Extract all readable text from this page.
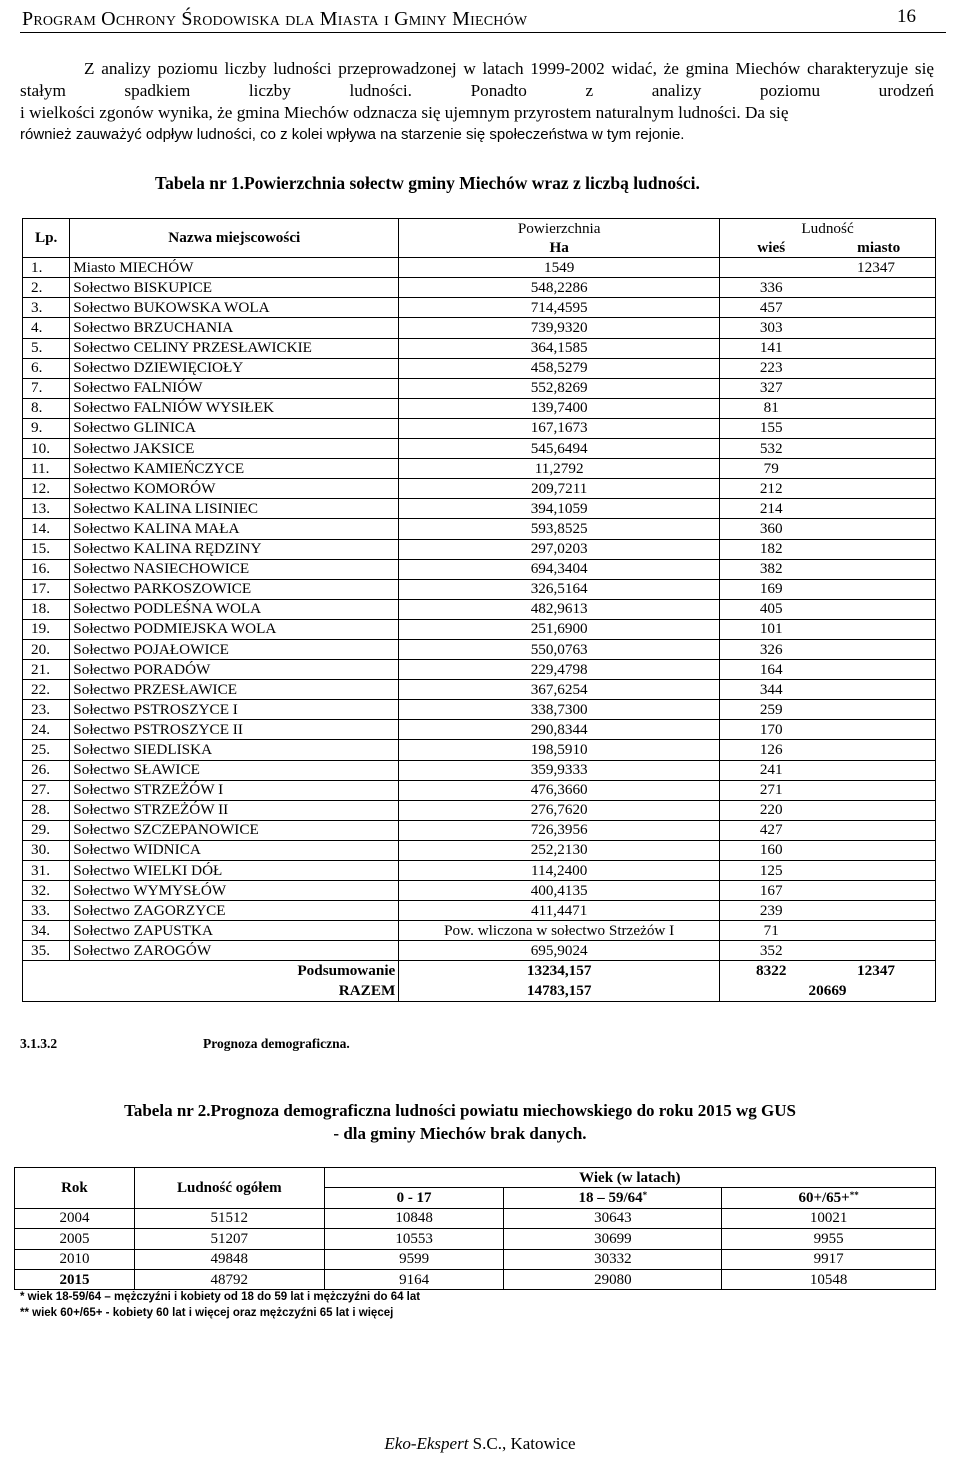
Program Ochrony Środowiska dla Miasta i Gminy Miechów	16

Z analizy poziomu liczby ludności przeprowadzonej w latach 1999-2002 widać, że gmina Miechów charakteryzuje się stałym spadkiem liczby ludności. Ponadto z analizy poziomu urodzeń

i wielkości zgonów wynika, że gmina Miechów odznacza się ujemnym przyrostem naturalnym ludności. Da się

również zauważyć odpływ ludności, co z kolei wpływa na starzenie się społeczeństwa w tym rejonie.

Tabela nr 1.Powierzchnia sołectw gminy Miechów wraz z liczbą ludności.
Lp.	Nazwa miejscowości	Powierzchnia	Ludność	
		Ha	wieś	miasto
1.	Miasto MIECHÓW	1549		12347
2.	Sołectwo BISKUPICE	548,2286	336	
3.	Sołectwo BUKOWSKA WOLA	714,4595	457	
4.	Sołectwo BRZUCHANIA	739,9320	303	
5.	Sołectwo CELINY PRZESŁAWICKIE	364,1585	141	
6.	Sołectwo DZIEWIĘCIOŁY	458,5279	223	
7.	Sołectwo FALNIÓW	552,8269	327	
8.	Sołectwo FALNIÓW WYSIŁEK	139,7400	81	
9.	Sołectwo GLINICA	167,1673	155	
10.	Sołectwo JAKSICE	545,6494	532	
11.	Sołectwo KAMIEŃCZYCE	11,2792	79	
12.	Sołectwo KOMORÓW	209,7211	212	
13.	Sołectwo KALINA LISINIEC	394,1059	214	
14.	Sołectwo KALINA MAŁA	593,8525	360	
15.	Sołectwo KALINA RĘDZINY	297,0203	182	
16.	Sołectwo NASIECHOWICE	694,3404	382	
17.	Sołectwo PARKOSZOWICE	326,5164	169	
18.	Sołectwo PODLEŚNA WOLA	482,9613	405	
19.	Sołectwo PODMIEJSKA WOLA	251,6900	101	
20.	Sołectwo POJAŁOWICE	550,0763	326	
21.	Sołectwo PORADÓW	229,4798	164	
22.	Sołectwo PRZESŁAWICE	367,6254	344	
23.	Sołectwo PSTROSZYCE I	338,7300	259	
24.	Sołectwo PSTROSZYCE II	290,8344	170	
25.	Sołectwo SIEDLISKA	198,5910	126	
26.	Sołectwo SŁAWICE	359,9333	241	
27.	Sołectwo STRZEŻÓW I	476,3660	271	
28.	Sołectwo STRZEŻÓW II	276,7620	220	
29.	Sołectwo SZCZEPANOWICE	726,3956	427	
30.	Sołectwo WIDNICA	252,2130	160	
31.	Sołectwo WIELKI DÓŁ	114,2400	125	
32.	Sołectwo WYMYSŁÓW	400,4135	167	
33.	Sołectwo ZAGORZYCE	411,4471	239	
34.	Sołectwo ZAPUSTKA	Pow. wliczona w sołectwo Strzeżów I	71	
35.	Sołectwo ZAROGÓW	695,9024	352	
	Podsumowanie	13234,157	8322	12347
	RAZEM	14783,157	20669	
3.1.3.2	Prognoza demograficzna.
Tabela nr 2.Prognoza demograficzna ludności powiatu miechowskiego do roku 2015 wg GUS
- dla gminy Miechów brak danych.
Rok	Ludność ogółem	Wiek (w latach)		
		0 - 17	18 – 59/64*	60+/65+**
2004	51512	10848	30643	10021
2005	51207	10553	30699	9955
2010	49848	9599	30332	9917
2015	48792	9164	29080	10548
* wiek 18-59/64 – mężczyźni i kobiety od 18 do 59 lat i mężczyźni do 64 lat
** wiek 60+/65+ - kobiety 60 lat i więcej oraz mężczyźni 65 lat i więcej
Eko-Ekspert S.C., Katowice
